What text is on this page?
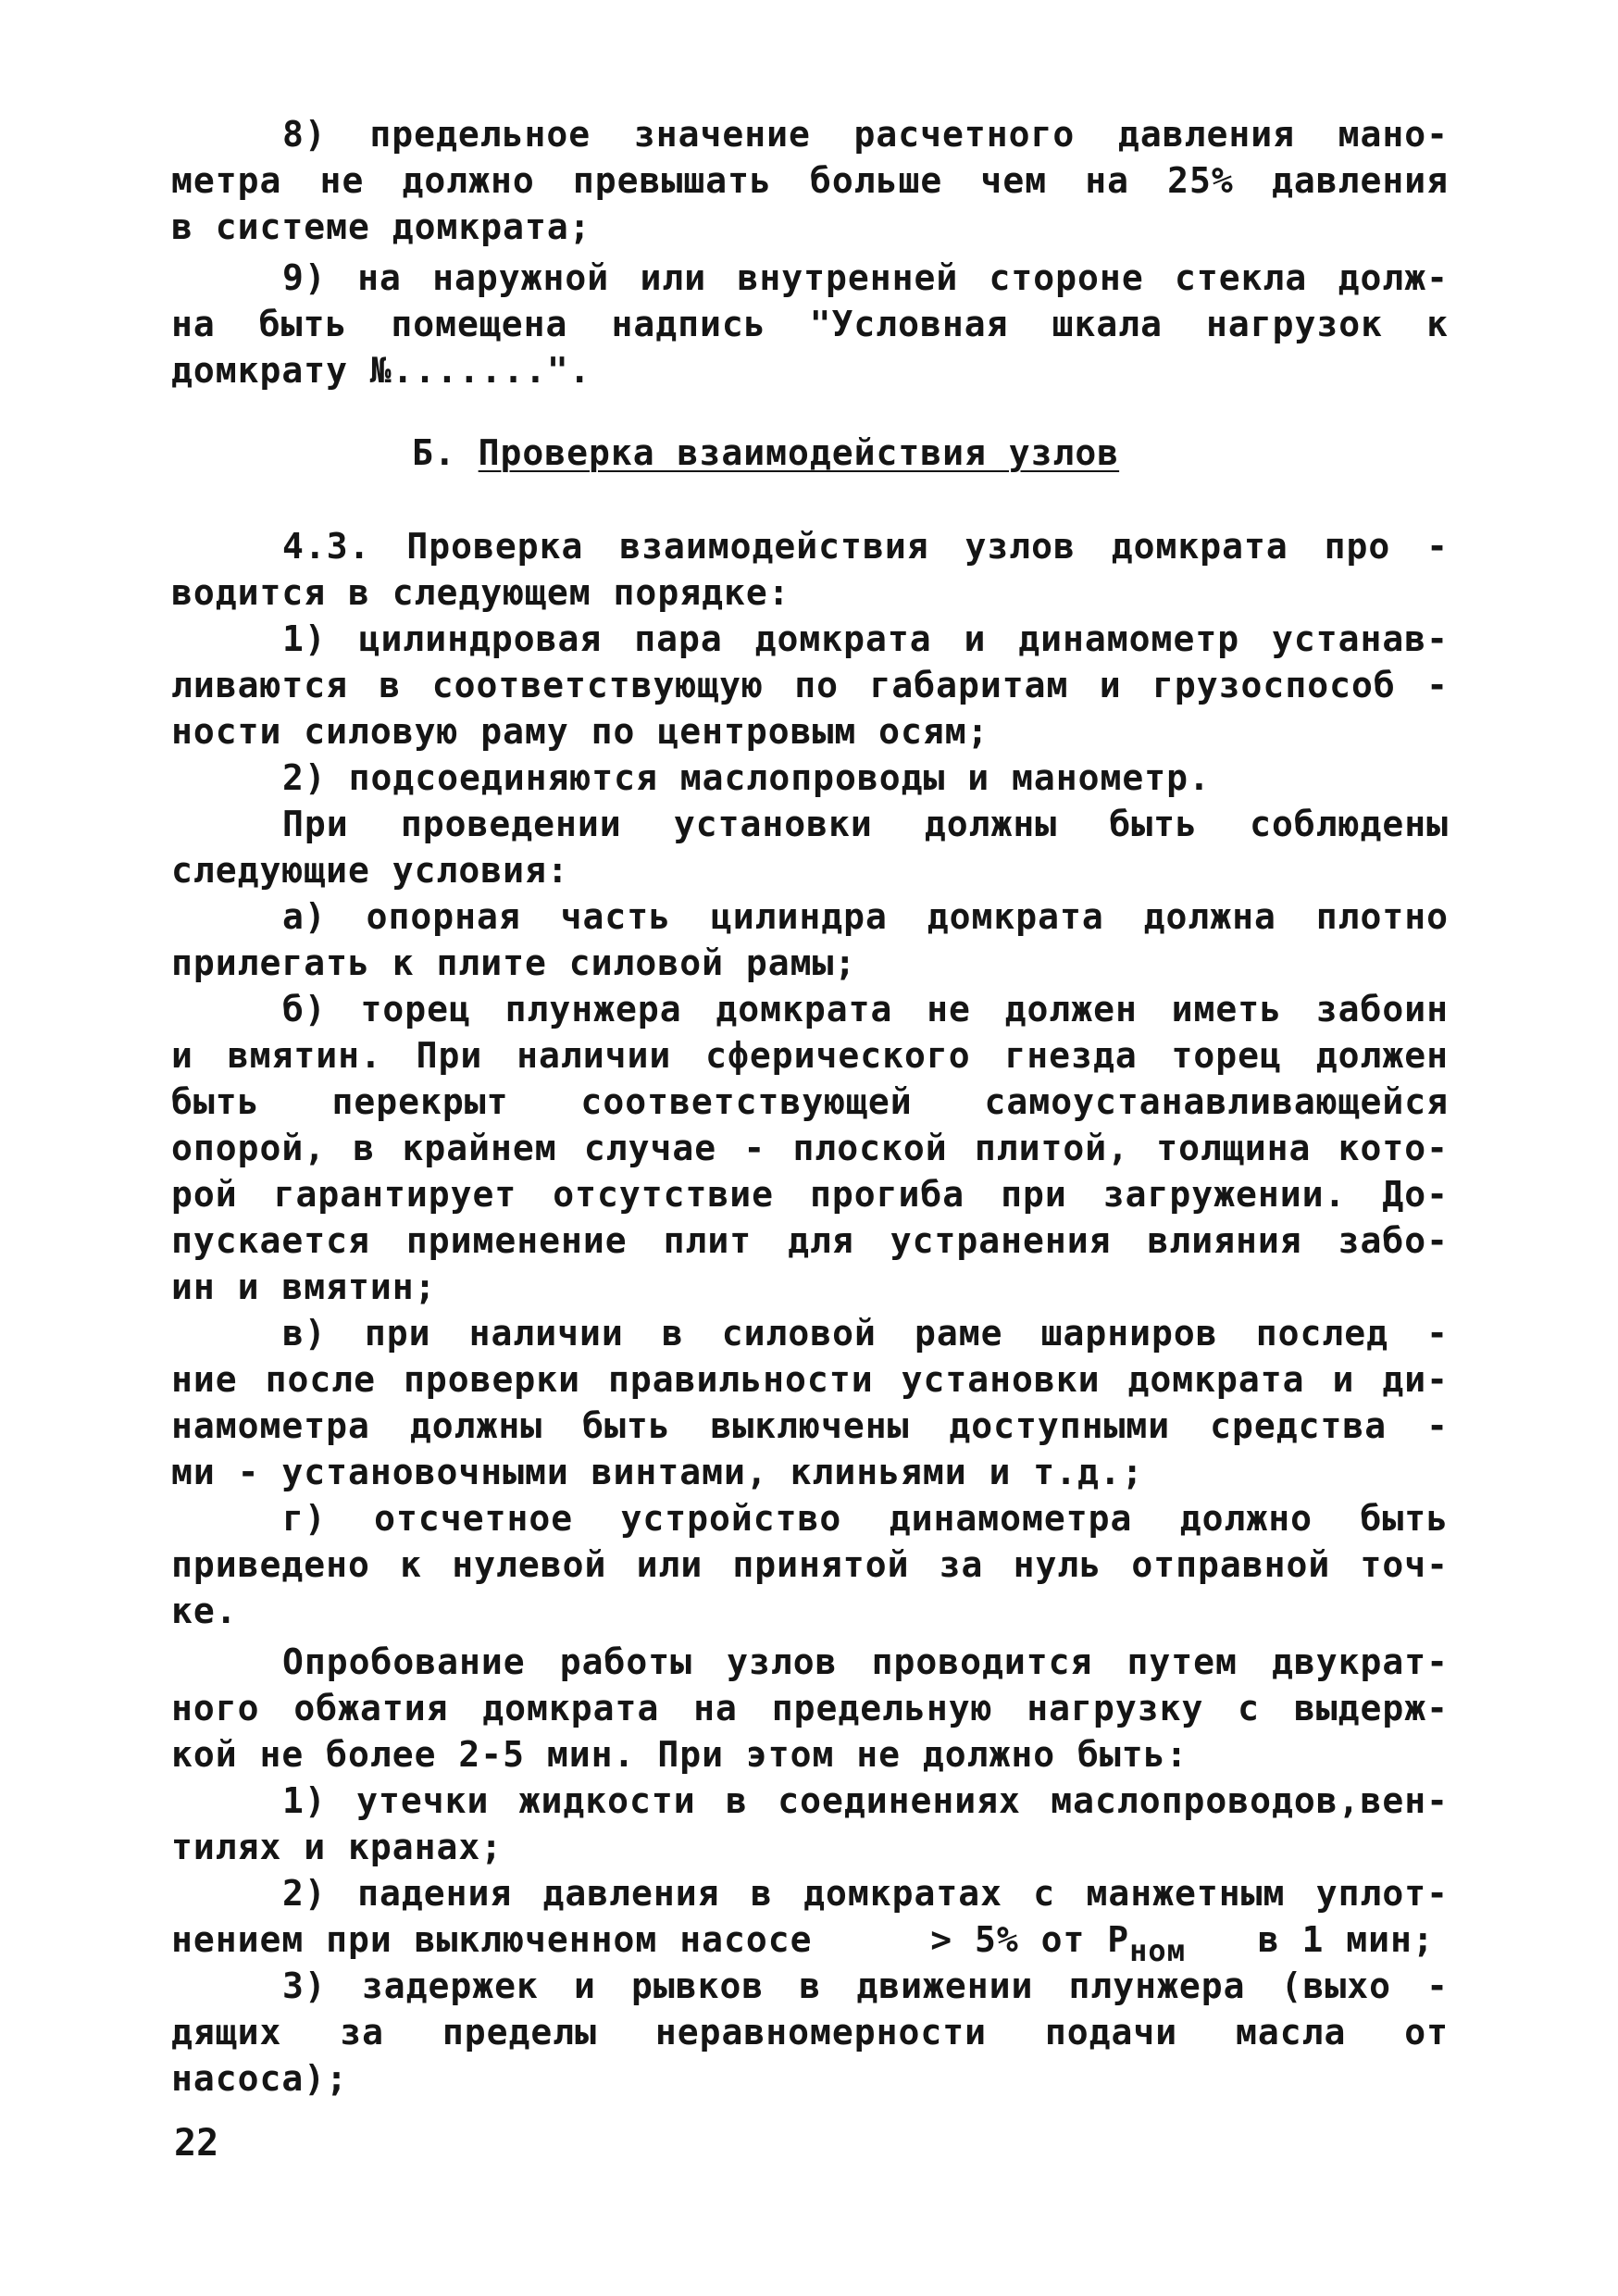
8) предельное значение расчетного давления мано-
метра не должно превышать больше чем на 25% давления
в системе домкрата;
9) на наружной или внутренней стороне стекла долж-
на быть помещена надпись "Условная шкала нагрузок к
домкрату №.......".
Б. Проверка взаимодействия узлов
4.3. Проверка взаимодействия узлов домкрата про -
водится в следующем порядке:
1) цилиндровая пара домкрата и динамометр устанав-
ливаются в соответствующую по габаритам и грузоспособ -
ности силовую раму по центровым осям;
2) подсоединяются маслопроводы и манометр.
При проведении установки должны быть соблюдены
следующие условия:
а) опорная часть цилиндра домкрата должна плотно
прилегать к плите силовой рамы;
б) торец плунжера домкрата не должен иметь забоин
и вмятин. При наличии сферического гнезда торец должен
быть перекрыт соответствующей самоустанавливающейся
опорой, в крайнем случае - плоской плитой, толщина кото-
рой гарантирует отсутствие прогиба при загружении. До-
пускается применение плит для устранения влияния забо-
ин и вмятин;
в) при наличии в силовой раме шарниров послед -
ние после проверки правильности установки домкрата и ди-
намометра должны быть выключены доступными средства -
ми - установочными винтами, клиньями и т.д.;
г) отсчетное устройство динамометра должно быть
приведено к нулевой или принятой за нуль отправной точ-
ке.
Опробование работы узлов проводится путем двукрат-
ного обжатия домкрата на предельную нагрузку с выдерж-
кой не более 2-5 мин. При этом не должно быть:
1) утечки жидкости в соединениях маслопроводов,вен-
тилях и кранах;
2) падения давления в домкратах с манжетным уплот-
нением при выключенном насосе	> 5% от $P_{ном}$ в 1 мин;
3) задержек и рывков в движении плунжера (выхо -
дящих за пределы неравномерности подачи масла от
насоса);
22
